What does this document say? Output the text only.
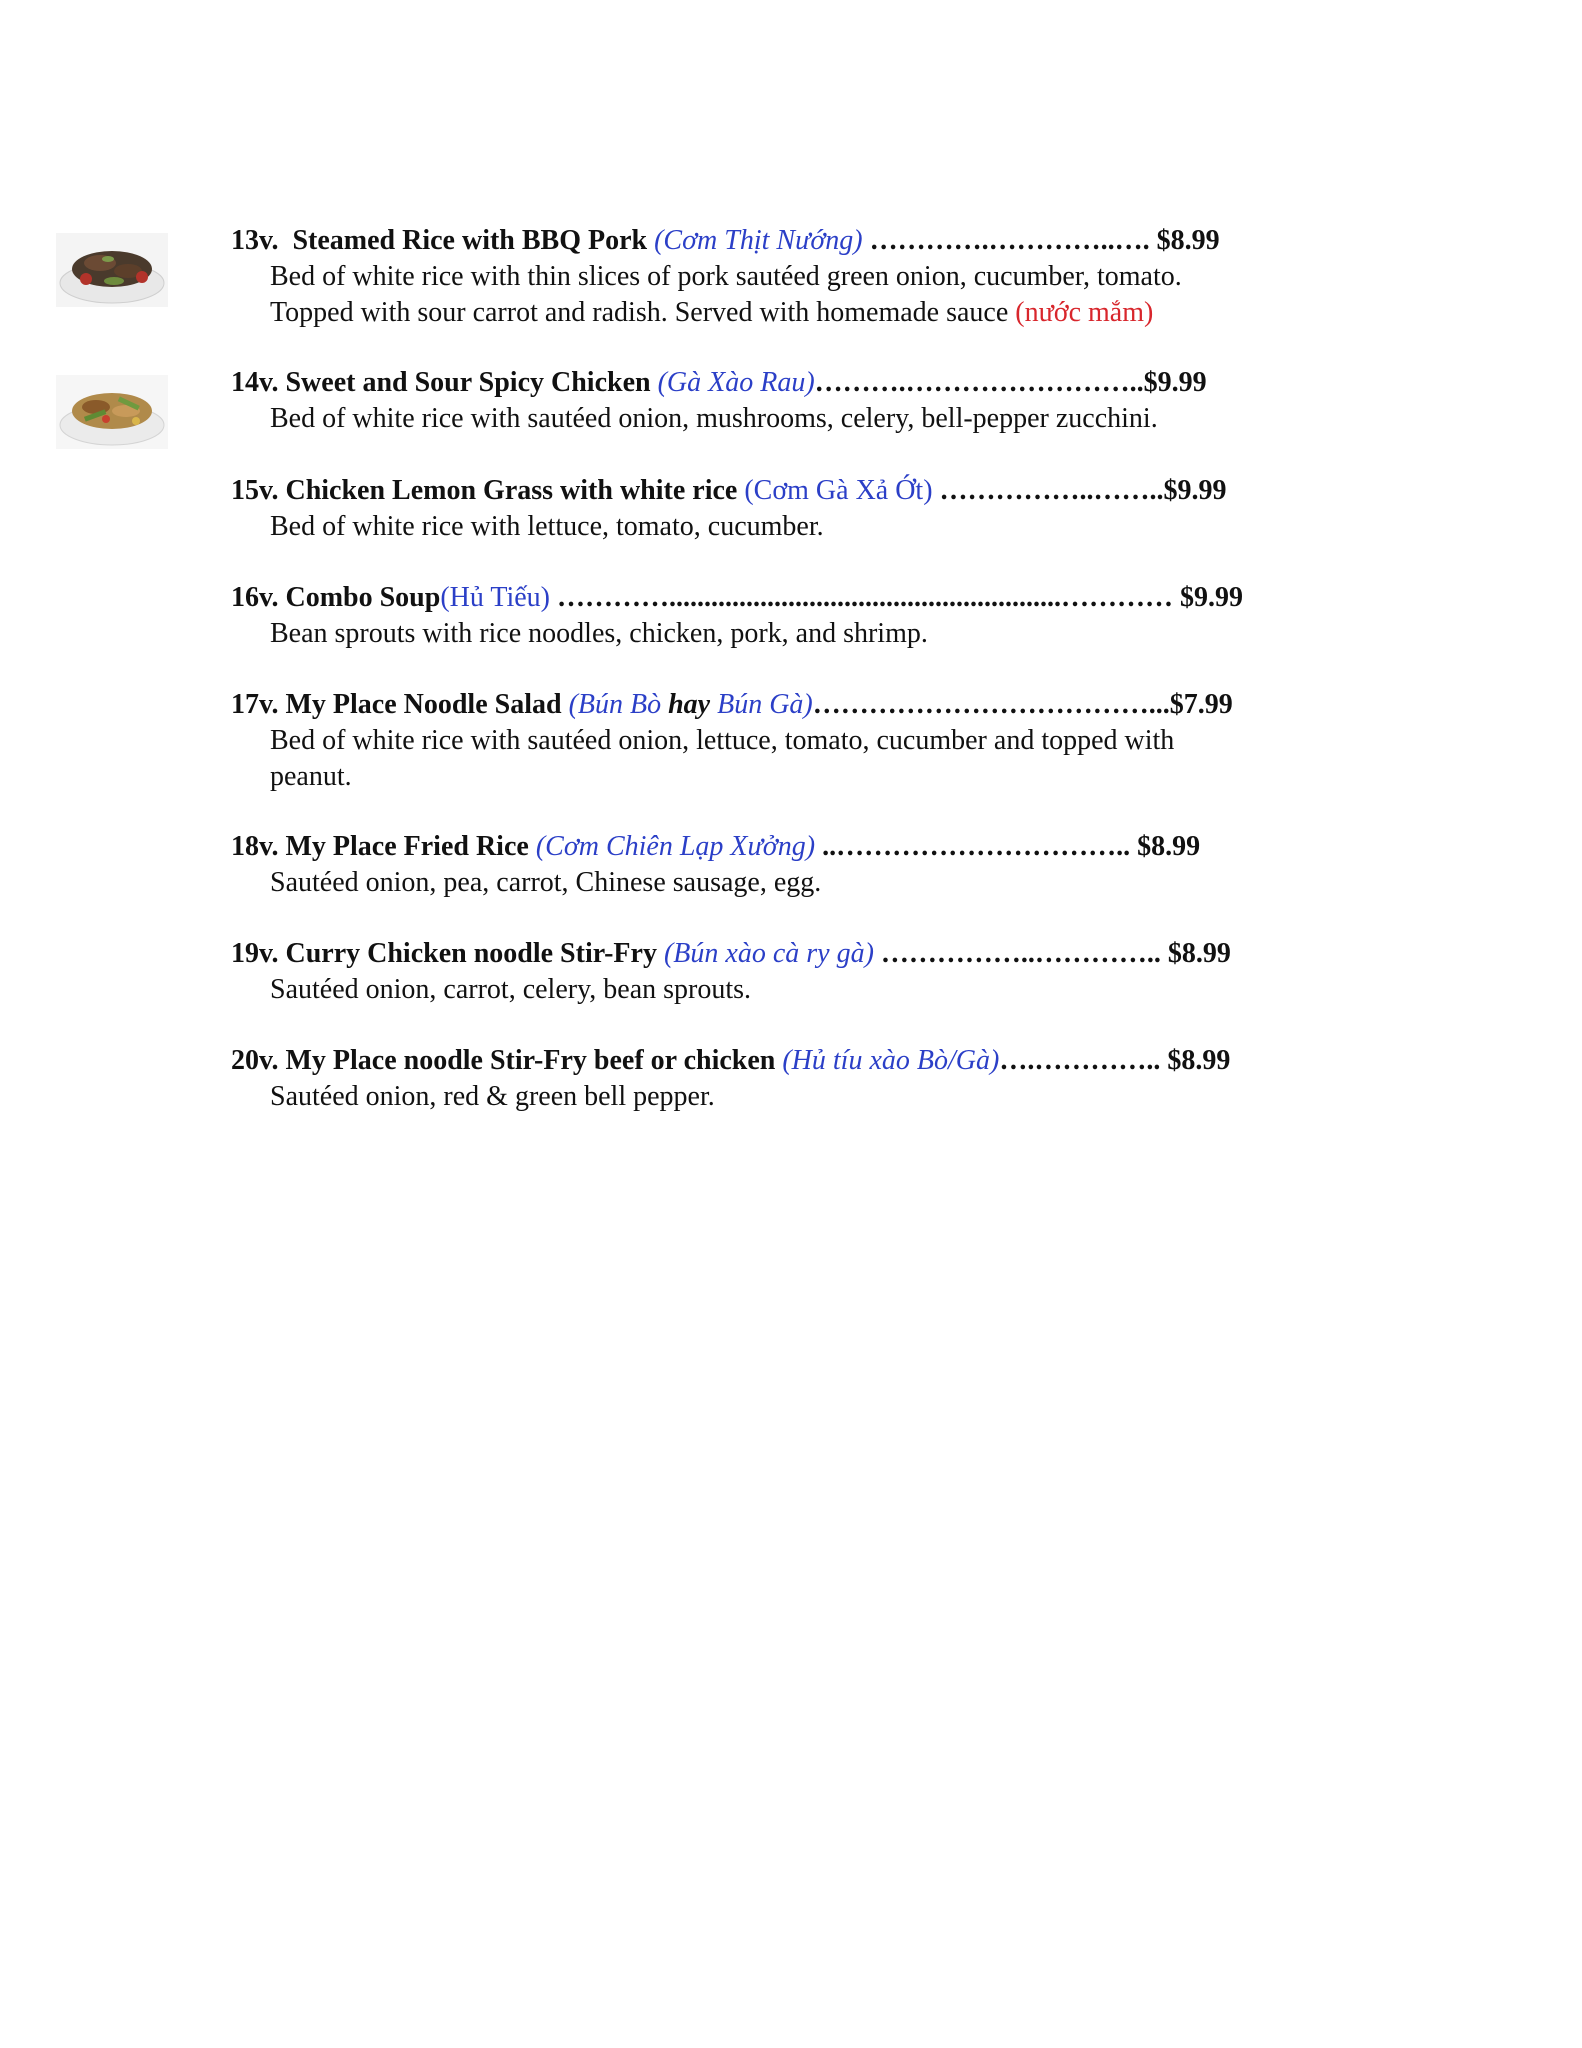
13v. Steamed Rice with BBQ Pork (Cơm Thịt Nướng) ………….…………..…. $8.99
Bed of white rice with thin slices of pork sautéed green onion, cucumber, tomato.
Topped with sour carrot and radish. Served with homemade sauce (nước mắm)
14v. Sweet and Sour Spicy Chicken (Gà Xào Rau)……….……………………..$9.99
Bed of white rice with sautéed onion, mushrooms, celery, bell-pepper zucchini.
15v. Chicken Lemon Grass with white rice (Cơm Gà Xả Ớt) ……………..……..$9.99
Bed of white rice with lettuce, tomato, cucumber.
16v. Combo Soup(Hủ Tiếu) …………........................................................………… $9.99
Bean sprouts with rice noodles, chicken, pork, and shrimp.
17v. My Place Noodle Salad (Bún Bò hay Bún Gà)………………………………...$7.99
Bed of white rice with sautéed onion, lettuce, tomato, cucumber and topped with
peanut.
18v. My Place Fried Rice (Cơm Chiên Lạp Xưởng) ..………………………….. $8.99
Sautéed onion, pea, carrot, Chinese sausage, egg.
19v. Curry Chicken noodle Stir-Fry (Bún xào cà ry gà) ……………..………….. $8.99
Sautéed onion, carrot, celery, bean sprouts.
20v. My Place noodle Stir-Fry beef or chicken (Hủ tíu xào Bò/Gà)….………….. $8.99
Sautéed onion, red & green bell pepper.
